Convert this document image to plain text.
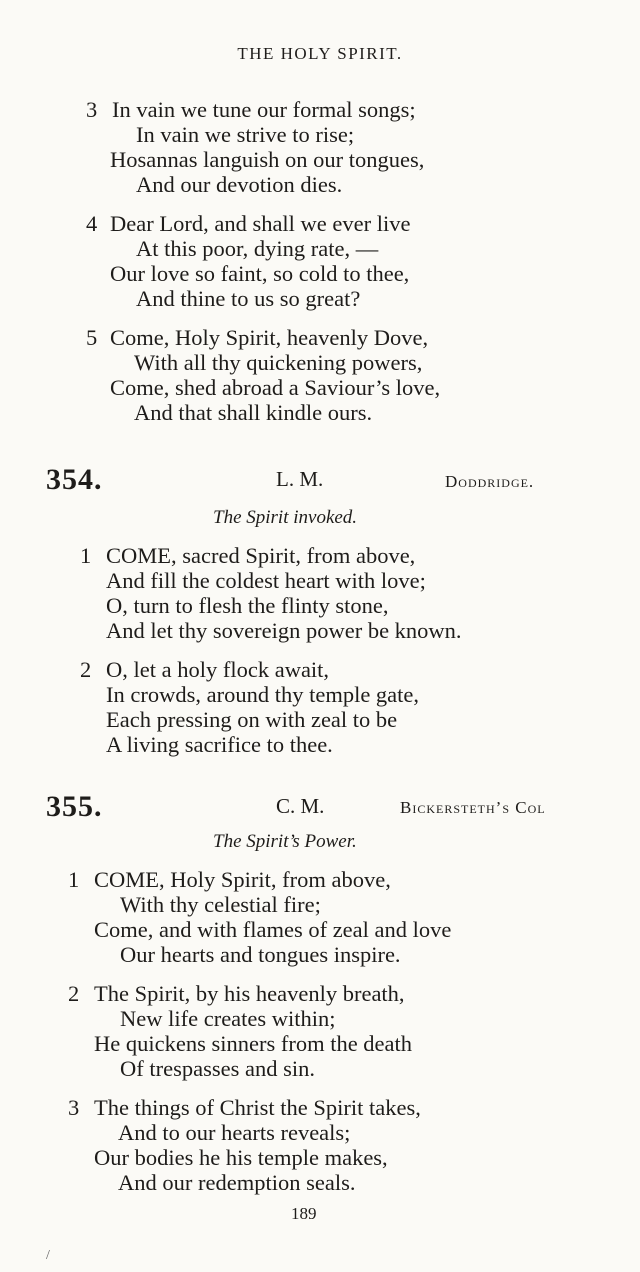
THE HOLY SPIRIT.
3 In vain we tune our formal songs;
In vain we strive to rise;
Hosannas languish on our tongues,
And our devotion dies.
4 Dear Lord, and shall we ever live
At this poor, dying rate, —
Our love so faint, so cold to thee,
And thine to us so great?
5 Come, Holy Spirit, heavenly Dove,
With all thy quickening powers,
Come, shed abroad a Saviour’s love,
And that shall kindle ours.
354.	L. M.	Doddridge.
The Spirit invoked.
1 COME, sacred Spirit, from above,
And fill the coldest heart with love;
O, turn to flesh the flinty stone,
And let thy sovereign power be known.
2 O, let a holy flock await,
In crowds, around thy temple gate,
Each pressing on with zeal to be
A living sacrifice to thee.
355.	C. M.	Bickersteth’s Col
The Spirit’s Power.
1 COME, Holy Spirit, from above,
With thy celestial fire;
Come, and with flames of zeal and love
Our hearts and tongues inspire.
2 The Spirit, by his heavenly breath,
New life creates within;
He quickens sinners from the death
Of trespasses and sin.
3 The things of Christ the Spirit takes,
And to our hearts reveals;
Our bodies he his temple makes,
And our redemption seals.
189
/
